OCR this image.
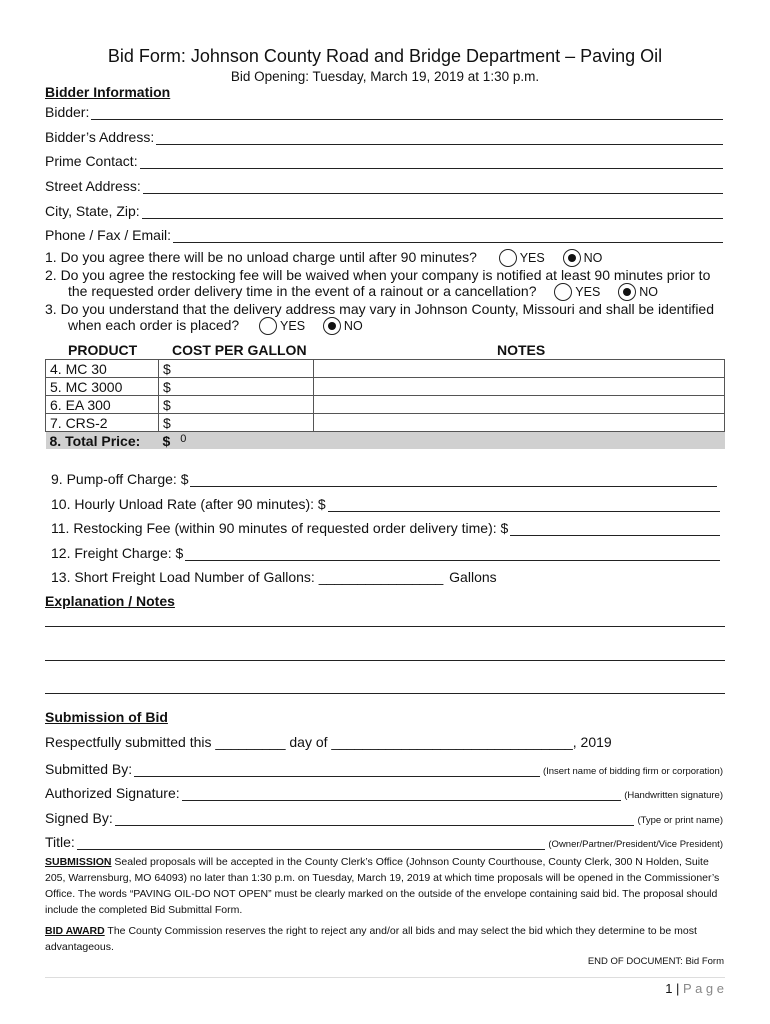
Bid Form: Johnson County Road and Bridge Department – Paving Oil
Bid Opening: Tuesday, March 19, 2019 at 1:30 p.m.
Bidder Information
Bidder:
Bidder’s Address:
Prime Contact:
Street Address:
City, State, Zip:
Phone / Fax / Email:
1. Do you agree there will be no unload charge until after 90 minutes?	YES	NO
2. Do you agree the restocking fee will be waived when your company is notified at least 90 minutes prior to
the requested order delivery time in the event of a rainout or a cancellation?	YES	NO
3. Do you understand that the delivery address may vary in Johnson County, Missouri and shall be identified
when each order is placed?	YES	NO
PRODUCT COST PER GALLON	NOTES
4. MC 30	$	
5. MC 3000	$	
6. EA 300	$	
7. CRS-2	$	
8. Total Price:	$ $^0$	
9. Pump-off Charge: $
10. Hourly Unload Rate (after 90 minutes): $
11. Restocking Fee (within 90 minutes of requested order delivery time): $
12. Freight Charge: $
13. Short Freight Load Number of Gallons: ________________ Gallons
Explanation / Notes
Submission of Bid
Respectfully submitted this _________ day of _______________________________, 2019
Submitted By:	(Insert name of bidding firm or corporation)
Authorized Signature:	(Handwritten signature)
Signed By:	(Type or print name)
Title:	(Owner/Partner/President/Vice President)
SUBMISSION Sealed proposals will be accepted in the County Clerk’s Office (Johnson County Courthouse, County Clerk, 300 N Holden, Suite 205, Warrensburg, MO 64093) no later than 1:30 p.m. on Tuesday, March 19, 2019 at which time proposals will be opened in the Commissioner’s Office. The words “PAVING OIL-DO NOT OPEN” must be clearly marked on the outside of the envelope containing said bid. The proposal should include the completed Bid Submittal Form.
BID AWARD The County Commission reserves the right to reject any and/or all bids and may select the bid which they determine to be most advantageous.
END OF DOCUMENT: Bid Form
1 | P a g e
